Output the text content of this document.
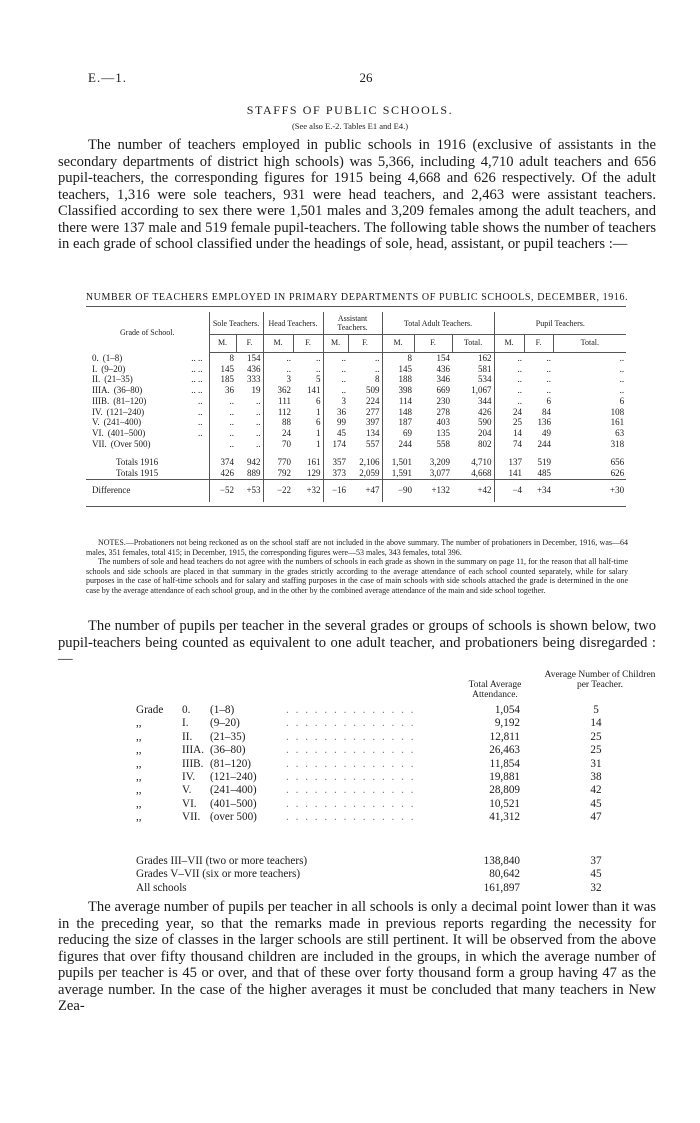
E.—1.	26
STAFFS OF PUBLIC SCHOOLS.
(See also E.-2. Tables E1 and E4.)
The number of teachers employed in public schools in 1916 (exclusive of assistants in the secondary departments of district high schools) was 5,366, including 4,710 adult teachers and 656 pupil-teachers, the corresponding figures for 1915 being 4,668 and 626 respectively. Of the adult teachers, 1,316 were sole teachers, 931 were head teachers, and 2,463 were assistant teachers. Classified according to sex there were 1,501 males and 3,209 females among the adult teachers, and there were 137 male and 519 female pupil-teachers. The following table shows the number of teachers in each grade of school classified under the headings of sole, head, assistant, or pupil teachers :—
NUMBER OF TEACHERS EMPLOYED IN PRIMARY DEPARTMENTS OF PUBLIC SCHOOLS, DECEMBER, 1916.
Grade of School.		Sole Teachers.		Head Teachers.		Assistant Teachers.		Total Adult Teachers.			Pupil Teachers.		
		M.	F.	M.	F.	M.	F.	M.	F.	Total.	M.	F.	Total.
0. (1–8)	.. ..	8	154	..	..	..	..	8	154	162	..	..	..
I. (9–20)	.. ..	145	436	..	..	..	..	145	436	581	..	..	..
II. (21–35)	.. ..	185	333	3	5	..	8	188	346	534	..	..	..
IIIA. (36–80)	.. ..	36	19	362	141	..	509	398	669	1,067	..	..	..
IIIB. (81–120)	..	..	..	111	6	3	224	114	230	344	..	6	6
IV. (121–240)	..	..	..	112	1	36	277	148	278	426	24	84	108
V. (241–400)	..	..	..	88	6	99	397	187	403	590	25	136	161
VI. (401–500)	..	..	..	24	1	45	134	69	135	204	14	49	63
VII. (Over 500)		..	..	70	1	174	557	244	558	802	74	244	318

Totals 1916		374	942	770	161	357	2,106	1,501	3,209	4,710	137	519	656
Totals 1915		426	889	792	129	373	2,059	1,591	3,077	4,668	141	485	626
Difference		−52	+53	−22	+32	−16	+47	−90	+132	+42	−4	+34	+30

NOTES.—Probationers not being reckoned as on the school staff are not included in the above summary. The number of probationers in December, 1916, was—64 males, 351 females, total 415; in December, 1915, the corresponding figures were—53 males, 343 females, total 396.

The numbers of sole and head teachers do not agree with the numbers of schools in each grade as shown in the summary on page 11, for the reason that all half-time schools and side schools are placed in that summary in the grades strictly according to the average attendance of each school counted separately, while for salary purposes in the case of half-time schools and for salary and staffing purposes in the case of main schools with side schools attached the grade is determined in the one case by the average attendance of each school group, and in the other by the combined average attendance of the main and side school together.

The number of pupils per teacher in the several grades or groups of schools is shown below, two pupil-teachers being counted as equivalent to one adult teacher, and probationers being disregarded :—
Total Average Attendance.
Average Number of Children per Teacher.
Grade 0. (1–8)	. . . . . . . . . . . . . .	1,054	5
,,	I. (9–20)	. . . . . . . . . . . . . .	9,192	14
,,	II. (21–35)	. . . . . . . . . . . . . .	12,811	25
,,	IIIA. (36–80)	. . . . . . . . . . . . . .	26,463	25
,,	IIIB. (81–120)	. . . . . . . . . . . . . .	11,854	31
,,	IV. (121–240)	. . . . . . . . . . . . . .	19,881	38
,,	V. (241–400)	. . . . . . . . . . . . . .	28,809	42
,,	VI. (401–500)	. . . . . . . . . . . . . .	10,521	45
,,	VII. (over 500)	. . . . . . . . . . . . . .	41,312	47
Grades III–VII (two or more teachers)	138,840	37
Grades V–VII (six or more teachers)	80,642	45
All schools	161,897	32
The average number of pupils per teacher in all schools is only a decimal point lower than it was in the preceding year, so that the remarks made in previous reports regarding the necessity for reducing the size of classes in the larger schools are still pertinent. It will be observed from the above figures that over fifty thousand children are included in the groups, in which the average number of pupils per teacher is 45 or over, and that of these over forty thousand form a group having 47 as the average number. In the case of the higher averages it must be concluded that many teachers in New Zea-
